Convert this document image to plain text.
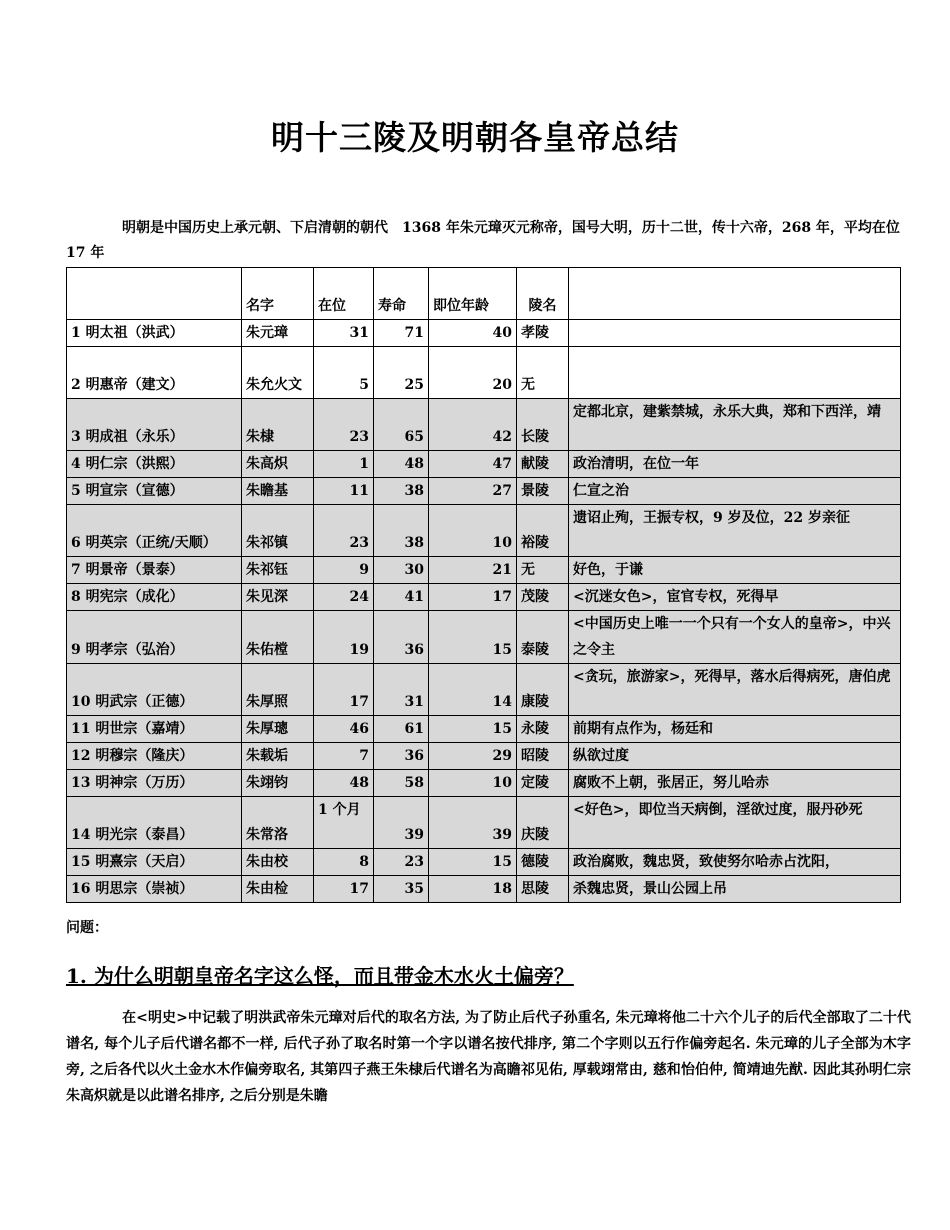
明十三陵及明朝各皇帝总结
明朝是中国历史上承元朝、下启清朝的朝代　1368 年朱元璋灭元称帝，国号大明，历十二世，传十六帝，268 年，平均在位 17 年
	名字	在位	寿命	即位年龄	陵名	
1 明太祖（洪武）	朱元璋	31	71	40	孝陵	
2 明惠帝（建文）	朱允火文	5	25	20	无	
3 明成祖（永乐）	朱棣	23	65	42	长陵	定都北京，建紫禁城，永乐大典，郑和下西洋，靖
4 明仁宗（洪熙）	朱高炽	1	48	47	献陵	政治清明，在位一年
5 明宣宗（宣德）	朱瞻基	11	38	27	景陵	仁宣之治
6 明英宗（正统/天顺）	朱祁镇	23	38	10	裕陵	遗诏止殉，王振专权，9 岁及位，22 岁亲征
7 明景帝（景泰）	朱祁钰	9	30	21	无	好色，于谦
8 明宪宗（成化）	朱见深	24	41	17	茂陵	<沉迷女色>，宦官专权，死得早
9 明孝宗（弘治）	朱佑樘	19	36	15	泰陵	<中国历史上唯一一个只有一个女人的皇帝>，中兴之令主
10 明武宗（正德）	朱厚照	17	31	14	康陵	<贪玩，旅游家>，死得早，落水后得病死，唐伯虎
11 明世宗（嘉靖）	朱厚璁	46	61	15	永陵	前期有点作为，杨廷和
12 明穆宗（隆庆）	朱载垢	7	36	29	昭陵	纵欲过度
13 明神宗（万历）	朱翊钧	48	58	10	定陵	腐败不上朝，张居正，努儿哈赤
14 明光宗（泰昌）	朱常洛	1 个月	39	39	庆陵	<好色>，即位当天病倒，淫欲过度，服丹砂死
15 明熹宗（天启）	朱由校	8	23	15	德陵	政治腐败，魏忠贤，致使努尔哈赤占沈阳，
16 明思宗（崇祯）	朱由检	17	35	18	思陵	杀魏忠贤，景山公园上吊
问题：
1. 为什么明朝皇帝名字这么怪，而且带金木水火土偏旁？
在<明史>中记载了明洪武帝朱元璋对后代的取名方法, 为了防止后代子孙重名, 朱元璋将他二十六个儿子的后代全部取了二十代谱名, 每个儿子后代谱名都不一样, 后代子孙了取名时第一个字以谱名按代排序, 第二个字则以五行作偏旁起名. 朱元璋的儿子全部为木字旁, 之后各代以火土金水木作偏旁取名, 其第四子燕王朱棣后代谱名为高瞻祁见佑, 厚载翊常由, 慈和怡伯仲, 简靖迪先猷. 因此其孙明仁宗朱高炽就是以此谱名排序, 之后分别是朱瞻
